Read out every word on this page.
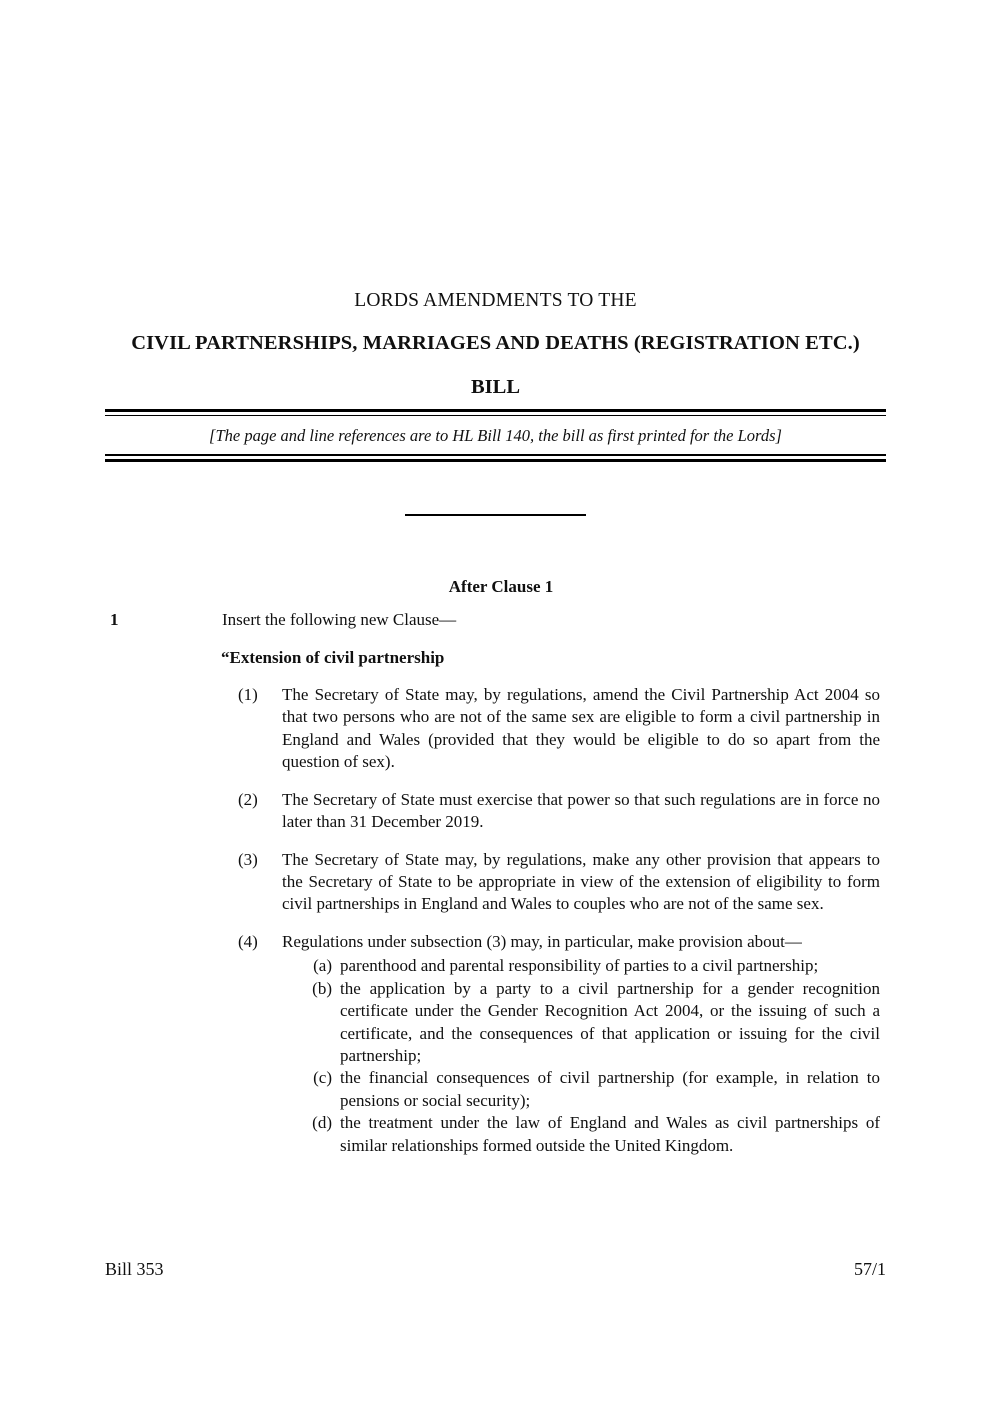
LORDS AMENDMENTS TO THE
CIVIL PARTNERSHIPS, MARRIAGES AND DEATHS (REGISTRATION ETC.)
BILL
[The page and line references are to HL Bill 140, the bill as first printed for the Lords]
After Clause 1
1	Insert the following new Clause—
“Extension of civil partnership
(1)	The Secretary of State may, by regulations, amend the Civil Partnership Act 2004 so that two persons who are not of the same sex are eligible to form a civil partnership in England and Wales (provided that they would be eligible to do so apart from the question of sex).
(2)	The Secretary of State must exercise that power so that such regulations are in force no later than 31 December 2019.
(3)	The Secretary of State may, by regulations, make any other provision that appears to the Secretary of State to be appropriate in view of the extension of eligibility to form civil partnerships in England and Wales to couples who are not of the same sex.
(4)	Regulations under subsection (3) may, in particular, make provision about—
(a) parenthood and parental responsibility of parties to a civil partnership;
(b) the application by a party to a civil partnership for a gender recognition certificate under the Gender Recognition Act 2004, or the issuing of such a certificate, and the consequences of that application or issuing for the civil partnership;
(c) the financial consequences of civil partnership (for example, in relation to pensions or social security);
(d) the treatment under the law of England and Wales as civil partnerships of similar relationships formed outside the United Kingdom.
Bill 353	57/1
